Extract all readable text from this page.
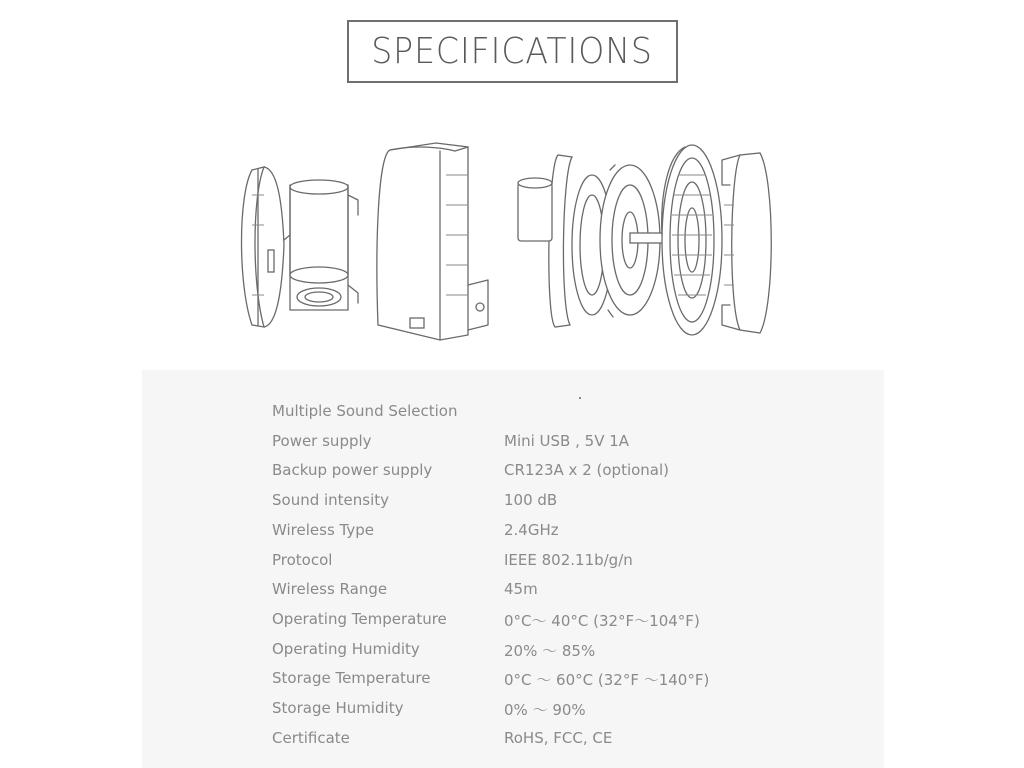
SPECIFICATIONS
Multiple Sound Selection
Power supply	Mini USB , 5V 1A
Backup power supply	CR123A x 2 (optional)
Sound intensity	100 dB
Wireless Type	2.4GHz
Protocol	IEEE 802.11b/g/n
Wireless Range	45m
Operating Temperature	0°C～ 40°C (32°F～104°F)
Operating Humidity	20% ～ 85%
Storage Temperature	0°C ～ 60°C (32°F ～140°F)
Storage Humidity	0% ～ 90%
Certificate	RoHS, FCC, CE
